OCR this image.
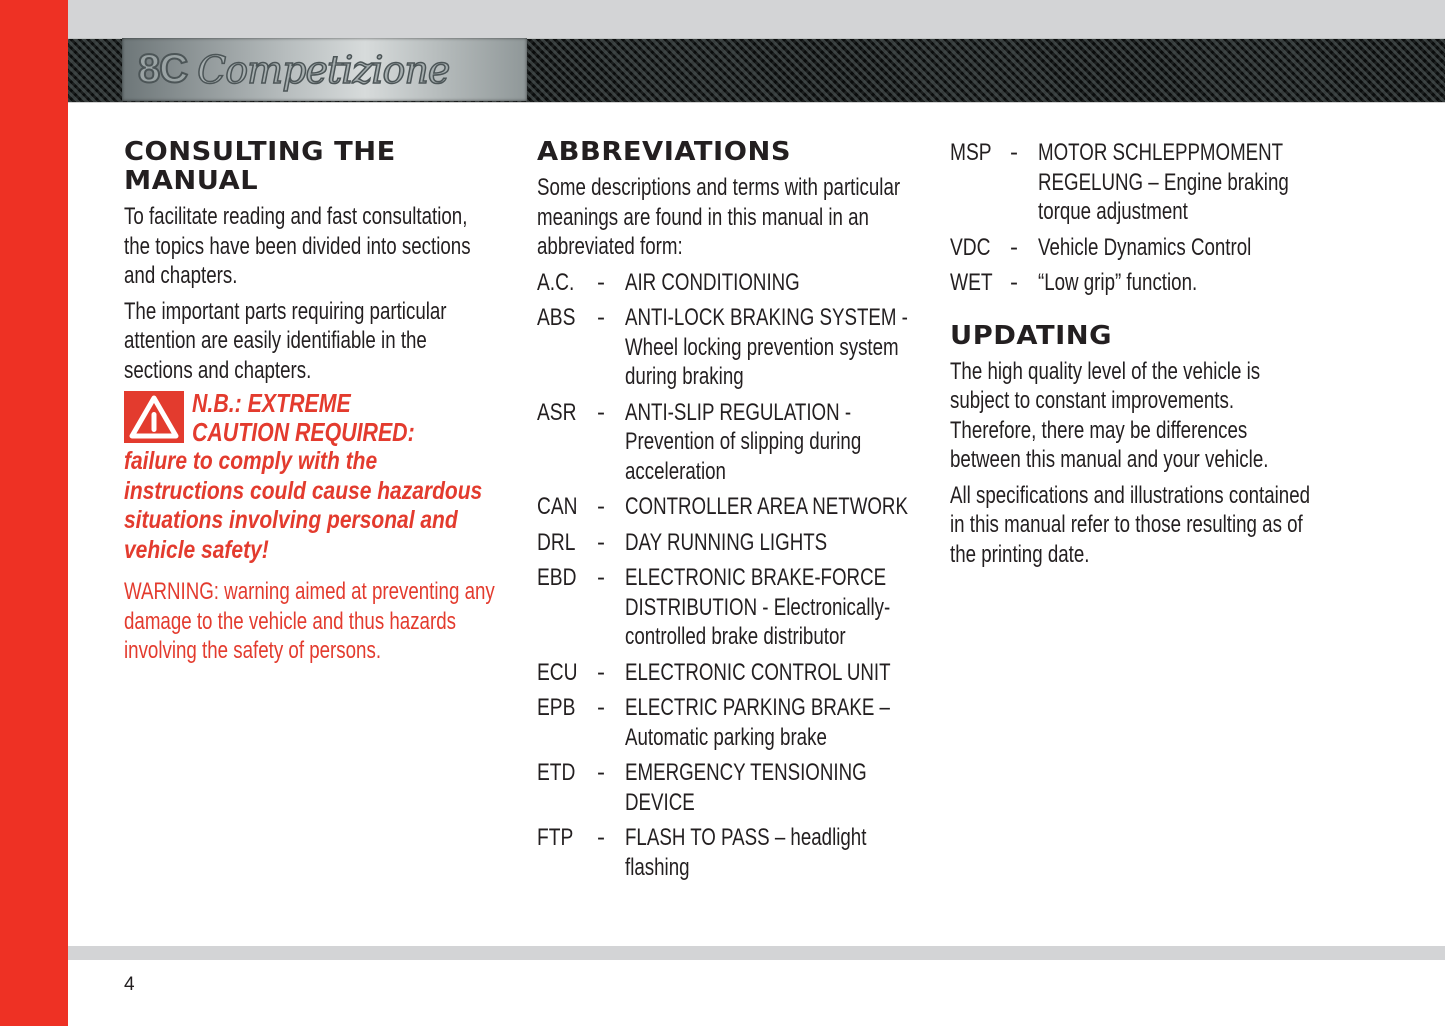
8C Competizione
CONSULTING THE MANUAL

To facilitate reading and fast consultation, the topics have been divided into sections and chapters.

The important parts requiring particular attention are easily identifiable in the sections and chapters.

N.B.: EXTREME CAUTION REQUIRED:
failure to comply with the instructions could cause hazardous situations involving personal and vehicle safety!

WARNING: warning aimed at preventing any damage to the vehicle and thus hazards involving the safety of persons.

ABBREVIATIONS

Some descriptions and terms with particular meanings are found in this manual in an abbreviated form:

A.C. - AIR CONDITIONING
ABS - ANTI-LOCK BRAKING SYSTEM - Wheel locking prevention system during braking
ASR - ANTI-SLIP REGULATION - Prevention of slipping during acceleration
CAN - CONTROLLER AREA NETWORK
DRL - DAY RUNNING LIGHTS
EBD - ELECTRONIC BRAKE-FORCE DISTRIBUTION - Electronically-controlled brake distributor
ECU - ELECTRONIC CONTROL UNIT
EPB - ELECTRIC PARKING BRAKE – Automatic parking brake
ETD - EMERGENCY TENSIONING DEVICE
FTP - FLASH TO PASS – headlight flashing
MSP - MOTOR SCHLEPPMOMENT REGELUNG – Engine braking torque adjustment
VDC - Vehicle Dynamics Control
WET - “Low grip” function.
UPDATING

The high quality level of the vehicle is subject to constant improvements. Therefore, there may be differences between this manual and your vehicle.

All specifications and illustrations contained in this manual refer to those resulting as of the printing date.

4
